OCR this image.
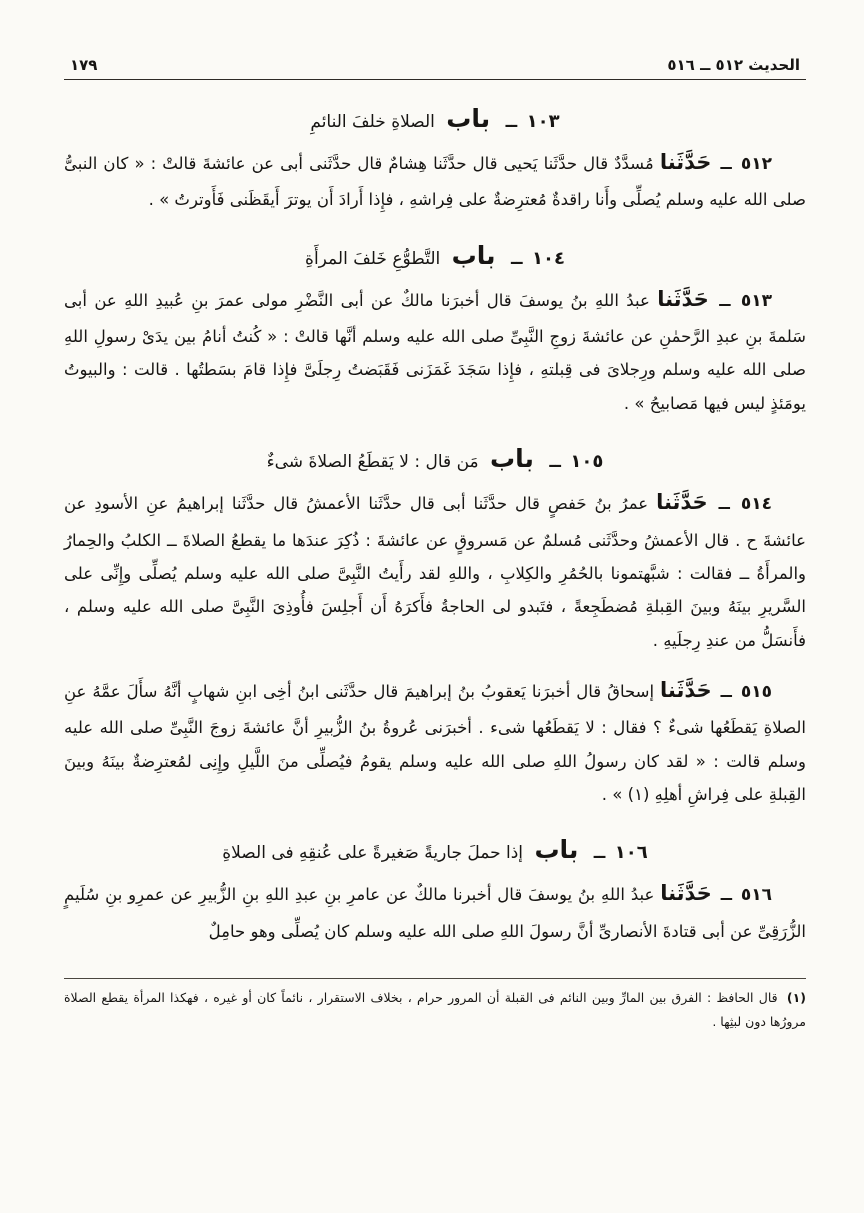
الحديث ٥١٢ ــ ٥١٦
١٧٩
١٠٣ ــ باب الصلاةِ خلفَ النائمِ

٥١٢ ــ حَدَّثَنا مُسدَّدٌ قال حدَّثَنا يَحيى قال حدَّثَنا هِشامٌ قال حدَّثَنى أبى عن عائشةَ قالتْ : « كان النبىُّ صلى الله عليه وسلم يُصلِّى وأَنا راقدةٌ مُعترِضةٌ على فِراشهِ ، فإِذا أَرادَ أَن يوترَ أَيقَظَنى فَأَوترتُ » .

١٠٤ ــ باب التَّطوُّعِ خَلفَ المرأَةِ

٥١٣ ــ حَدَّثَنا عبدُ اللهِ بنُ يوسفَ قال أخبرَنا مالكٌ عن أبى النَّضْرِ مولى عمرَ بنِ عُبيدِ اللهِ عن أبى سَلمةَ بنِ عبدِ الرَّحمٰنِ عن عائشةَ زوجِ النَّبِىِّ صلى الله عليه وسلم أنَّها قالتْ : « كُنتُ أنامُ بين يدَىْ رسولِ اللهِ صلى الله عليه وسلم ورِجلاىَ فى قِبلتهِ ، فإِذا سَجَدَ غَمَزَنى فَقَبَضتُ رِجلَىَّ فإِذا قامَ بسَطتُها . قالت : والبيوتُ يومَئذٍ ليس فيها مَصابيحُ » .

١٠٥ ــ باب مَن قال : لا يَقطَعُ الصلاةَ شىءٌ

٥١٤ ــ حَدَّثَنا عمرُ بنُ حَفصٍ قال حدَّثَنا أبى قال حدَّثَنا الأعمشُ قال حدَّثَنا إبراهيمُ عنِ الأسودِ عن عائشةَ ح . قال الأعمشُ وحدَّثَنى مُسلمٌ عن مَسروقٍ عن عائشةَ : ذُكِرَ عندَها ما يقطعُ الصلاةَ ــ الكلبُ والحِمارُ والمرأَةُ ــ فقالت : شبَّهتمونا بالحُمُرِ والكِلابِ ، واللهِ لقد رأَيتُ النَّبِىَّ صلى الله عليه وسلم يُصلِّى وإِنِّى على السَّريرِ بينَهُ وبينَ القِبلةِ مُضطَجِعةً ، فتَبدو لى الحاجةُ فأَكرَهُ أَن أَجلِسَ فأُوذِىَ النَّبِىَّ صلى الله عليه وسلم ، فأَنسَلُّ من عندِ رِجلَيهِ .

٥١٥ ــ حَدَّثَنا إسحاقُ قال أخبرَنا يَعقوبُ بنُ إبراهيمَ قال حدَّثَنى ابنُ أخِى ابنِ شهابٍ أنَّهُ سأَلَ عمَّهُ عنِ الصلاةِ يَقطَعُها شىءٌ ؟ فقال : لا يَقطَعُها شىء . أخبرَنى عُروةُ بنُ الزُّبيرِ أنَّ عائشةَ زوجَ النَّبِىِّ صلى الله عليه وسلم قالت : « لقد كان رسولُ اللهِ صلى الله عليه وسلم يقومُ فيُصلِّى منَ اللَّيلِ وإِنِى لمُعترِضةٌ بينَهُ وبينَ القِبلةِ على فِراشِ أهلِهِ (١) » .

١٠٦ ــ باب إذا حملَ جاريةً صَغيرةً على عُنقِهِ فى الصلاةِ

٥١٦ ــ حَدَّثَنا عبدُ اللهِ بنُ يوسفَ قال أخبرنا مالكٌ عن عامرِ بنِ عبدِ اللهِ بنِ الزُّبيرِ عن عمرِو بنِ سُلَيمٍ الزُّرَقِىِّ عن أبى قتادةَ الأنصارىِّ أنَّ رسولَ اللهِ صلى الله عليه وسلم كان يُصلِّى وهو حامِلٌ

(١) قال الحافظ : الفرق بين المارِّ وبين النائم فى القبلة أن المرور حرام ، بخلاف الاستقرار ، نائماً كان أو غيره ، فهكذا المرأة يقطع الصلاة مرورُها دون لبثِها .
